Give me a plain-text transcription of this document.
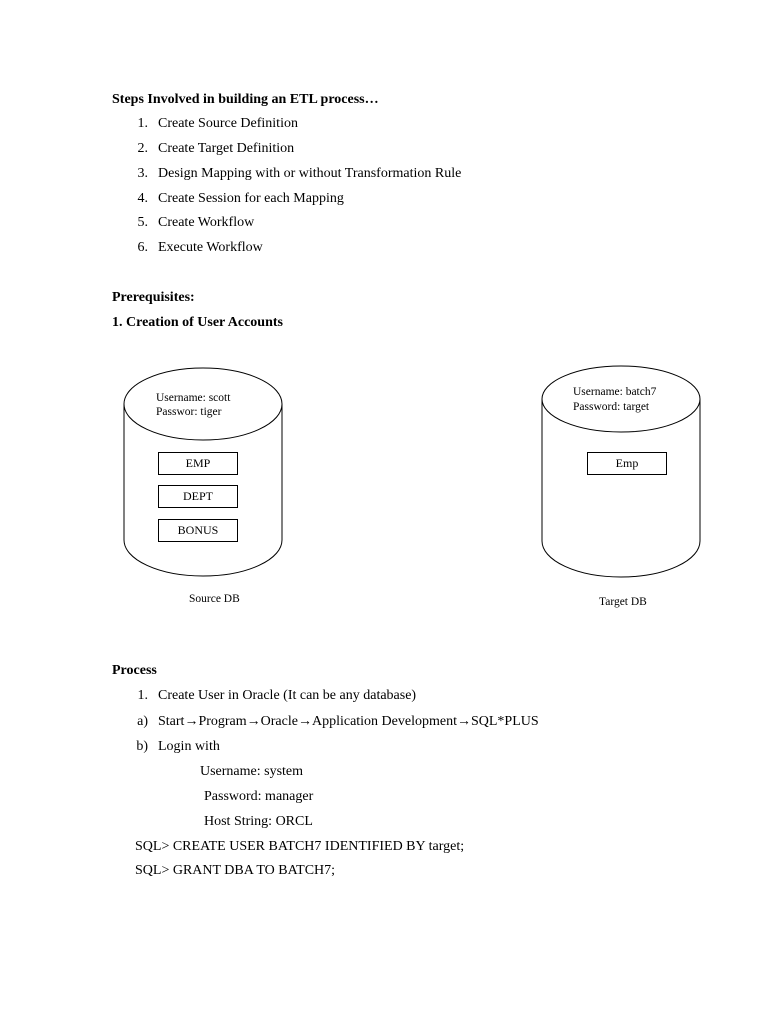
Steps Involved in building an ETL process…
1. Create Source Definition
2. Create Target Definition
3. Design Mapping with or without Transformation Rule
4. Create Session for each Mapping
5. Create Workflow
6. Execute Workflow
Prerequisites:
1. Creation of User Accounts
Username: scott
Passwor: tiger
EMP
DEPT
BONUS
Source DB
Username: batch7
Password: target
Emp
Target DB
Process
1. Create User in Oracle (It can be any database)
a) Start→Program→Oracle→Application Development→SQL*PLUS
b) Login with
Username: system
Password: manager
Host String: ORCL
SQL> CREATE USER BATCH7 IDENTIFIED BY target;
SQL> GRANT DBA TO BATCH7;
